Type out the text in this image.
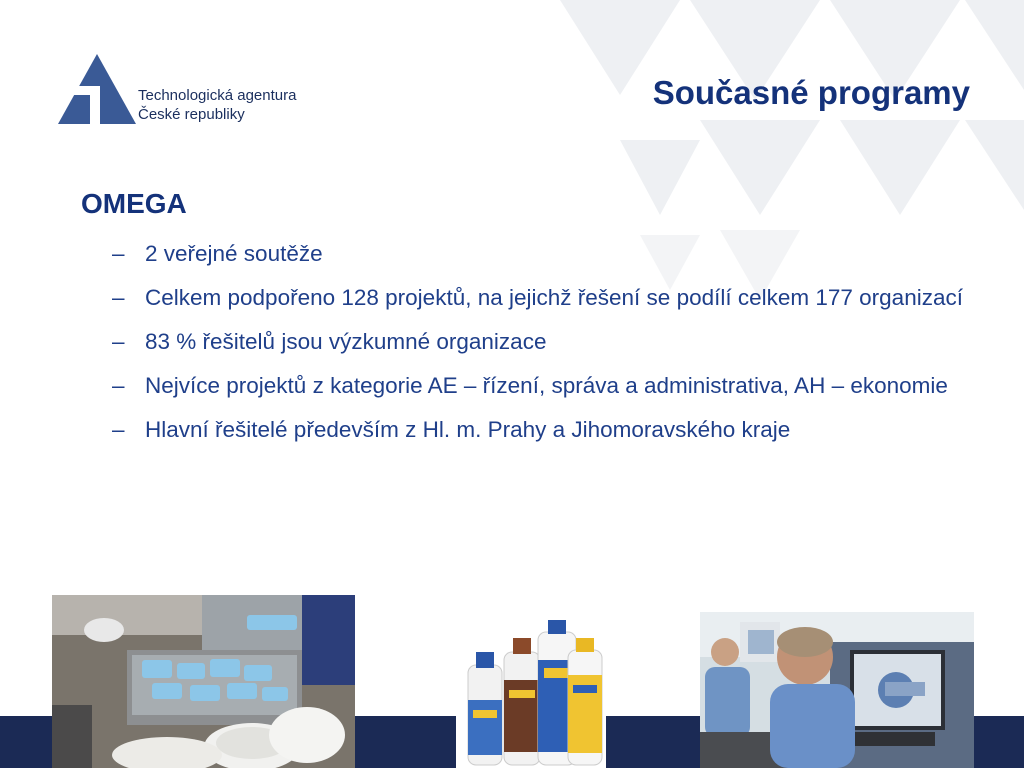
Technologická agentura
České republiky
Současné programy
OMEGA
– 2 veřejné soutěže
– Celkem podpořeno 128 projektů, na jejichž řešení se podílí celkem 177 organizací
– 83 % řešitelů jsou výzkumné organizace
– Nejvíce projektů z kategorie AE – řízení, správa a administrativa, AH – ekonomie
– Hlavní řešitelé především z Hl. m. Prahy a Jihomoravského kraje
